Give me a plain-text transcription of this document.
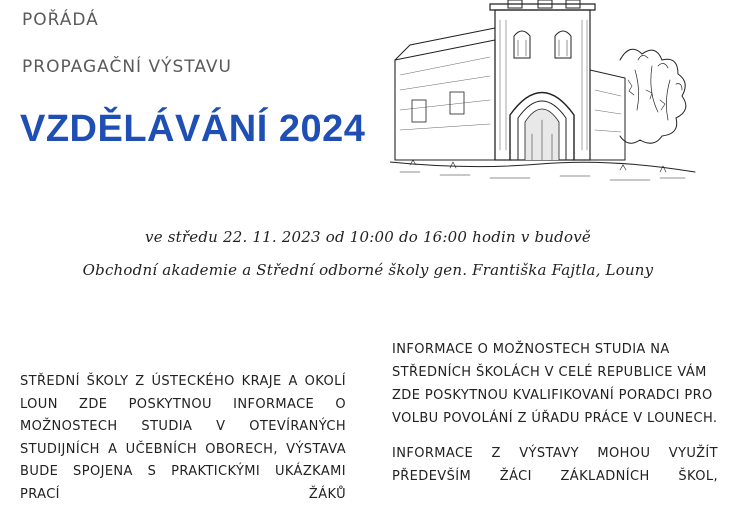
POŘÁDÁ
PROPAGAČNÍ VÝSTAVU
VZDĚLÁVÁNÍ 2024
ve středu 22. 11. 2023 od 10:00 do 16:00 hodin v budově
Obchodní akademie a Střední odborné školy gen. Františka Fajtla, Louny

STŘEDNÍ ŠKOLY Z ÚSTECKÉHO KRAJE A OKOLÍ LOUN ZDE POSKYTNOU INFORMACE O MOŽNOSTECH STUDIA V OTEVÍRANÝCH STUDIJNÍCH A UČEBNÍCH OBORECH, VÝSTAVA BUDE SPOJENA S PRAKTICKÝMI UKÁZKAMI PRACÍ ŽÁKŮ

INFORMACE O MOŽNOSTECH STUDIA NA STŘEDNÍCH ŠKOLÁCH V CELÉ REPUBLICE VÁM ZDE POSKYTNOU KVALIFIKOVANÍ PORADCI PRO VOLBU POVOLÁNÍ Z ÚŘADU PRÁCE V LOUNECH.

INFORMACE Z VÝSTAVY MOHOU VYUŽÍT PŘEDEVŠÍM ŽÁCI ZÁKLADNÍCH ŠKOL,
